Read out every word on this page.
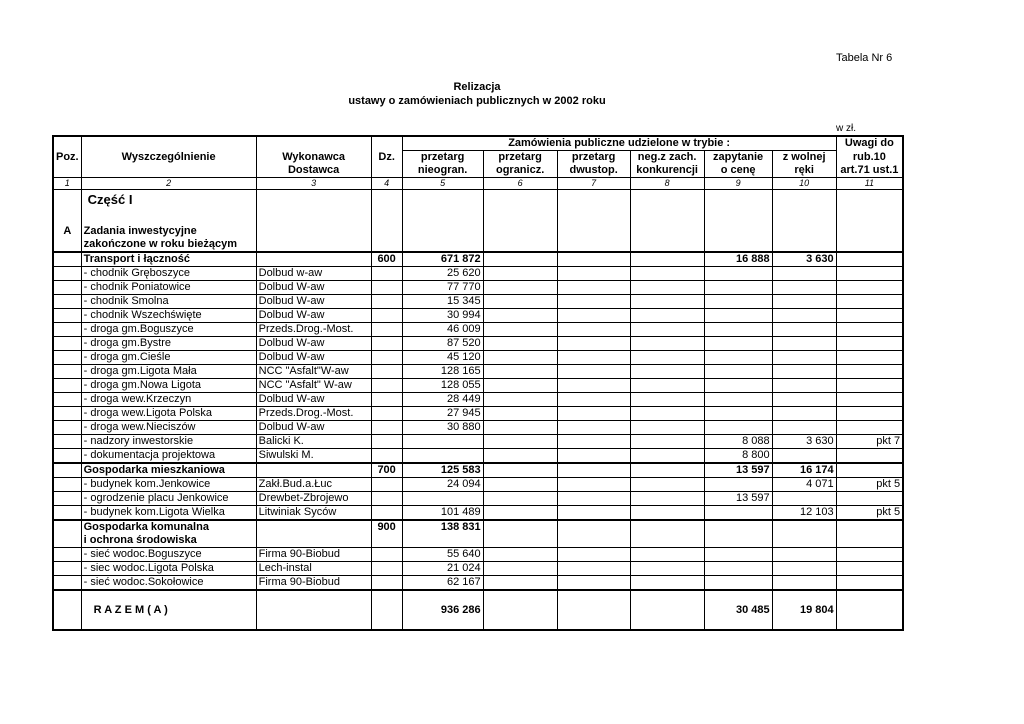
Tabela Nr 6
Relizacja
ustawy o zamówieniach publicznych w 2002 roku
w zł.
				Zamówienia publiczne udzielone w trybie :						Uwagi do
Poz.	Wyszczególnienie	Wykonawca	Dz.	przetarg	przetarg	przetarg	neg.z zach.	zapytanie	z wolnej	rub.10
		Dostawca		nieogran.	ogranicz.	dwustop.	konkurencji	o cenę	ręki	art.71 ust.1
1	2	3	4	5	6	7	8	9	10	11
	Część I									

A	Zadania inwestycyjne									
	zakończone w roku bieżącym									
	Transport i łączność		600	671 872				16 888	3 630	
	- chodnik Gręboszyce	Dolbud w-aw		25 620						
	- chodnik Poniatowice	Dolbud W-aw		77 770						
	- chodnik Smolna	Dolbud W-aw		15 345						
	- chodnik Wszechświęte	Dolbud W-aw		30 994						
	- droga gm.Boguszyce	Przeds.Drog.-Most.		46 009						
	- droga gm.Bystre	Dolbud W-aw		87 520						
	- droga gm.Cieśle	Dolbud W-aw		45 120						
	- droga gm.Ligota Mała	NCC "Asfalt"W-aw		128 165						
	- droga gm.Nowa Ligota	NCC "Asfalt" W-aw		128 055						
	- droga wew.Krzeczyn	Dolbud W-aw		28 449						
	- droga wew.Ligota Polska	Przeds.Drog.-Most.		27 945						
	- droga wew.Nieciszów	Dolbud W-aw		30 880						
	- nadzory inwestorskie	Balicki K.						8 088	3 630	pkt 7
	- dokumentacja projektowa	Siwulski M.						8 800		
	Gospodarka mieszkaniowa		700	125 583				13 597	16 174	
	- budynek kom.Jenkowice	Zakł.Bud.a.Łuc		24 094					4 071	pkt 5
	- ogrodzenie placu Jenkowice	Drewbet-Zbrojewo						13 597		
	- budynek kom.Ligota Wielka	Litwiniak Syców		101 489					12 103	pkt 5
	Gospodarka komunalna		900	138 831						
	i ochrona środowiska									
	- sieć wodoc.Boguszyce	Firma 90-Biobud		55 640						
	- siec wodoc.Ligota Polska	Lech-instal		21 024						
	- sieć wodoc.Sokołowice	Firma 90-Biobud		62 167						
	R A Z E M ( A )			936 286				30 485	19 804	
